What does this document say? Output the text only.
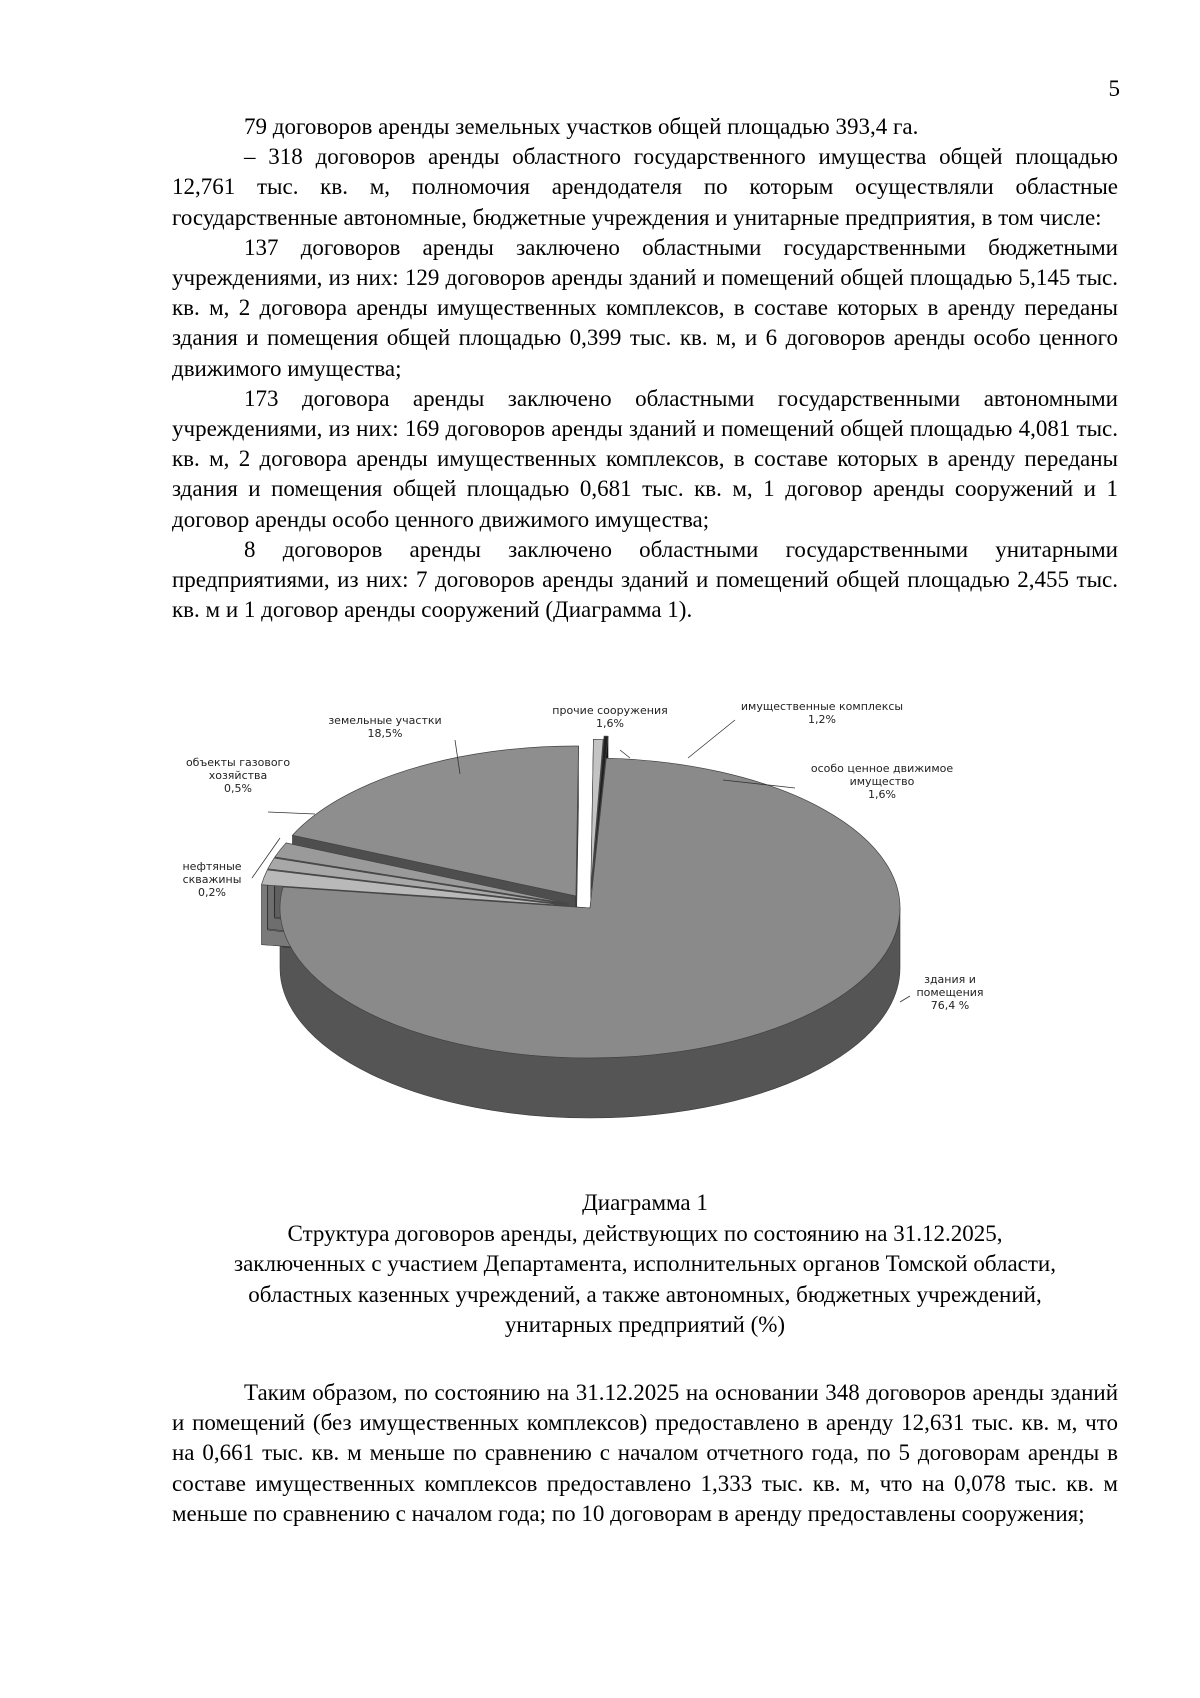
5

79 договоров аренды земельных участков общей площадью 393,4 га.

– 318 договоров аренды областного государственного имущества общей площадью 12,761 тыс. кв. м, полномочия арендодателя по которым осуществляли областные государственные автономные, бюджетные учреждения и унитарные предприятия, в том числе:

137 договоров аренды заключено областными государственными бюджетными учреждениями, из них: 129 договоров аренды зданий и помещений общей площадью 5,145 тыс. кв. м, 2 договора аренды имущественных комплексов, в составе которых в аренду переданы здания и помещения общей площадью 0,399 тыс. кв. м, и 6 договоров аренды особо ценного движимого имущества;

173 договора аренды заключено областными государственными автономными учреждениями, из них: 169 договоров аренды зданий и помещений общей площадью 4,081 тыс. кв. м, 2 договора аренды имущественных комплексов, в составе которых в аренду переданы здания и помещения общей площадью 0,681 тыс. кв. м, 1 договор аренды сооружений и 1 договор аренды особо ценного движимого имущества;

8 договоров аренды заключено областными государственными унитарными предприятиями, из них: 7 договоров аренды зданий и помещений общей площадью 2,455 тыс. кв. м и 1 договор аренды сооружений (Диаграмма 1).

здания и
помещения
76,4 %
особо ценное движимое
имущество
1,6%
имущественные комплексы
1,2%
прочие сооружения
1,6%
земельные участки
18,5%
объекты газового
хозяйства
0,5%
нефтяные
скважины
0,2%
Диаграмма 1
Структура договоров аренды, действующих по состоянию на 31.12.2025,
заключенных с участием Департамента, исполнительных органов Томской области,
областных казенных учреждений, а также автономных, бюджетных учреждений,
унитарных предприятий (%)

Таким образом, по состоянию на 31.12.2025 на основании 348 договоров аренды зданий и помещений (без имущественных комплексов) предоставлено в аренду 12,631 тыс. кв. м, что на 0,661 тыс. кв. м меньше по сравнению с началом отчетного года, по 5 договорам аренды в составе имущественных комплексов предоставлено 1,333 тыс. кв. м, что на 0,078 тыс. кв. м меньше по сравнению с началом года; по 10 договорам в аренду предоставлены сооружения;
